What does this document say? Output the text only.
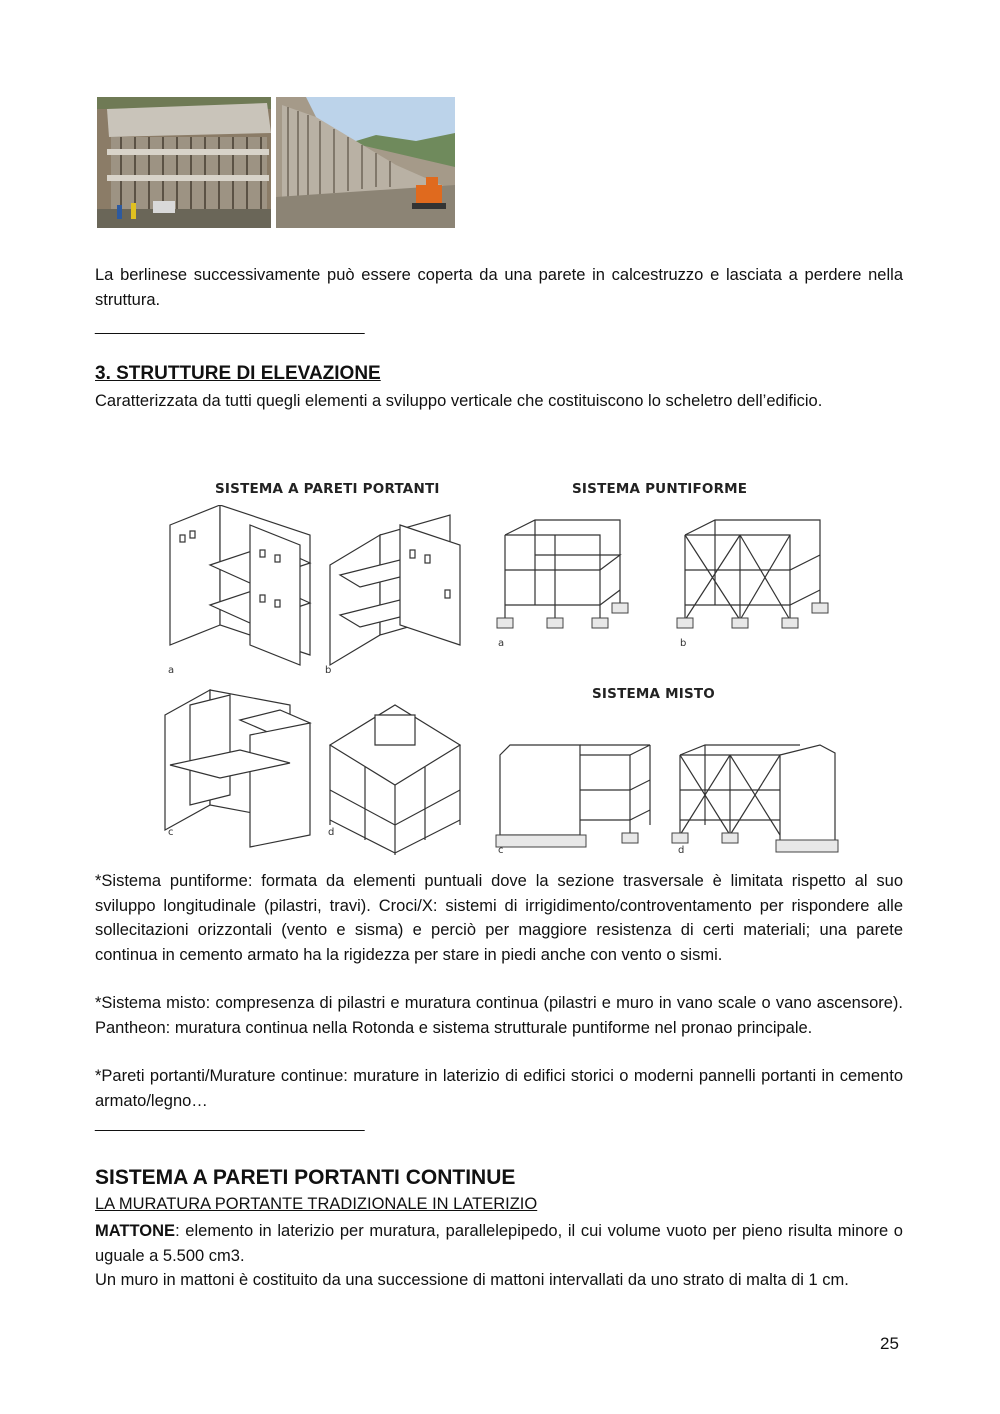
La berlinese successivamente può essere coperta da una parete in calcestruzzo e lasciata a perdere nella struttura.

__________________________________
3. STRUTTURE DI ELEVAZIONE

Caratterizzata da tutti quegli elementi a sviluppo verticale che costituiscono lo scheletro dell’edificio.

SISTEMA A PARETI PORTANTI	SISTEMA PUNTIFORME
SISTEMA MISTO
a	b
a	b
c	d
c	d

*Sistema puntiforme: formata da elementi puntuali dove la sezione trasversale è limitata rispetto al suo sviluppo longitudinale (pilastri, travi). Croci/X: sistemi di irrigidimento/controventamento per rispondere alle sollecitazioni orizzontali (vento e sisma) e perciò per maggiore resistenza di certi materiali; una parete continua in cemento armato ha la rigidezza per stare in piedi anche con vento o sismi.

*Sistema misto: compresenza di pilastri e muratura continua (pilastri e muro in vano scale o vano ascensore). Pantheon: muratura continua nella Rotonda e sistema strutturale puntiforme nel pronao principale.

*Pareti portanti/Murature continue: murature in laterizio di edifici storici o moderni pannelli portanti in cemento armato/legno…

__________________________________
SISTEMA A PARETI PORTANTI CONTINUE
LA MURATURA PORTANTE TRADIZIONALE IN LATERIZIO

MATTONE: elemento in laterizio per muratura, parallelepipedo, il cui volume vuoto per pieno risulta minore o uguale a 5.500 cm3.

Un muro in mattoni è costituito da una successione di mattoni intervallati da uno strato di malta di 1 cm.

25
